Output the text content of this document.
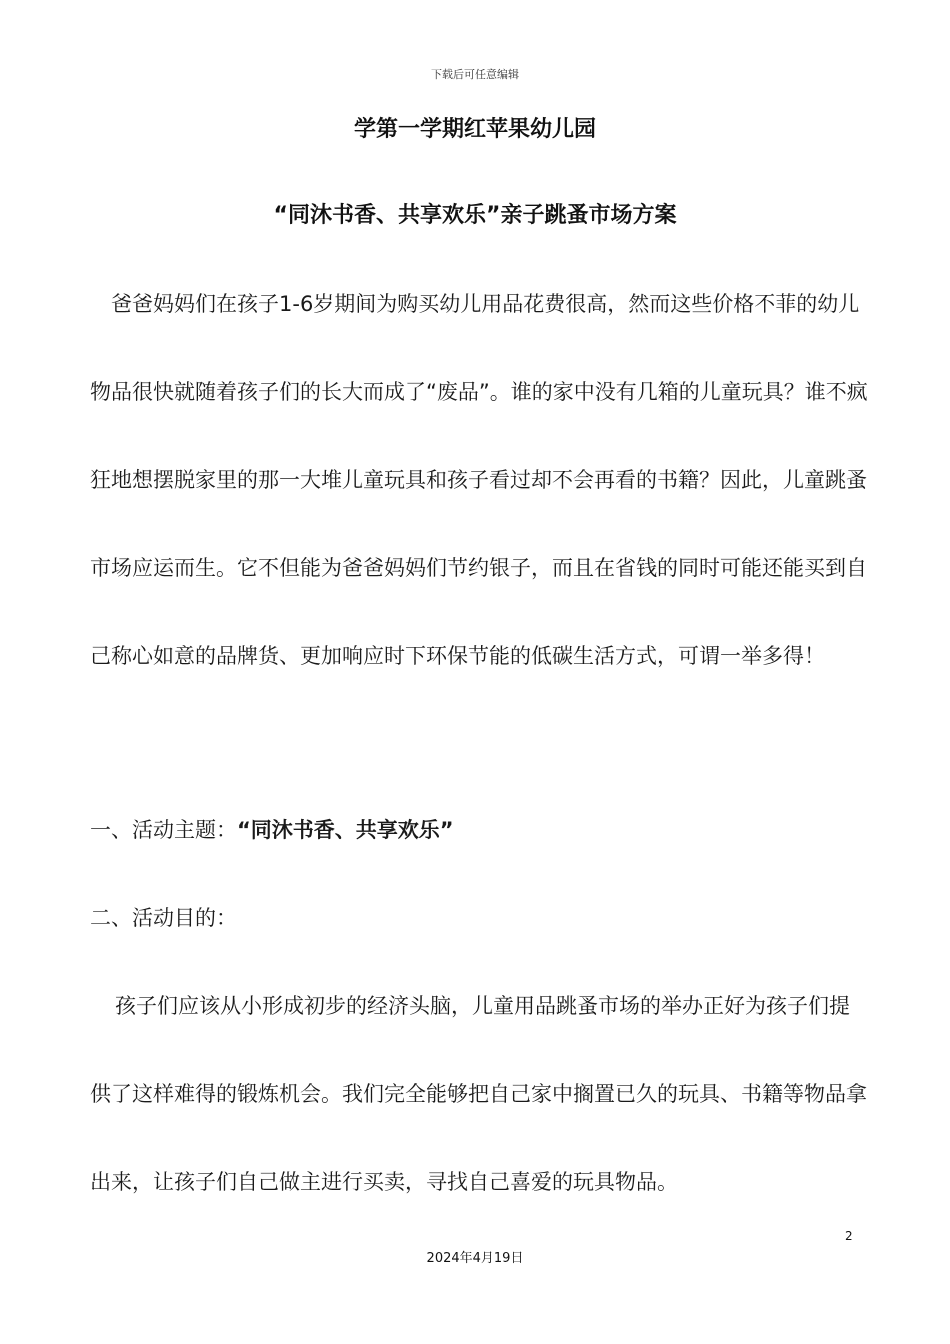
下载后可任意编辑
学第一学期红苹果幼儿园
“同沐书香、共享欢乐”亲子跳蚤市场方案
爸爸妈妈们在孩子1-6岁期间为购买幼儿用品花费很高，然而这些价格不菲的幼儿物品很快就随着孩子们的长大而成了“废品”。谁的家中没有几箱的儿童玩具？谁不疯狂地想摆脱家里的那一大堆儿童玩具和孩子看过却不会再看的书籍？因此，儿童跳蚤市场应运而生。它不但能为爸爸妈妈们节约银子，而且在省钱的同时可能还能买到自己称心如意的品牌货、更加响应时下环保节能的低碳生活方式，可谓一举多得！
一、活动主题：“同沐书香、共享欢乐”
二、活动目的：
孩子们应该从小形成初步的经济头脑，儿童用品跳蚤市场的举办正好为孩子们提供了这样难得的锻炼机会。我们完全能够把自己家中搁置已久的玩具、书籍等物品拿出来，让孩子们自己做主进行买卖，寻找自己喜爱的玩具物品。
2
2024年4月19日
